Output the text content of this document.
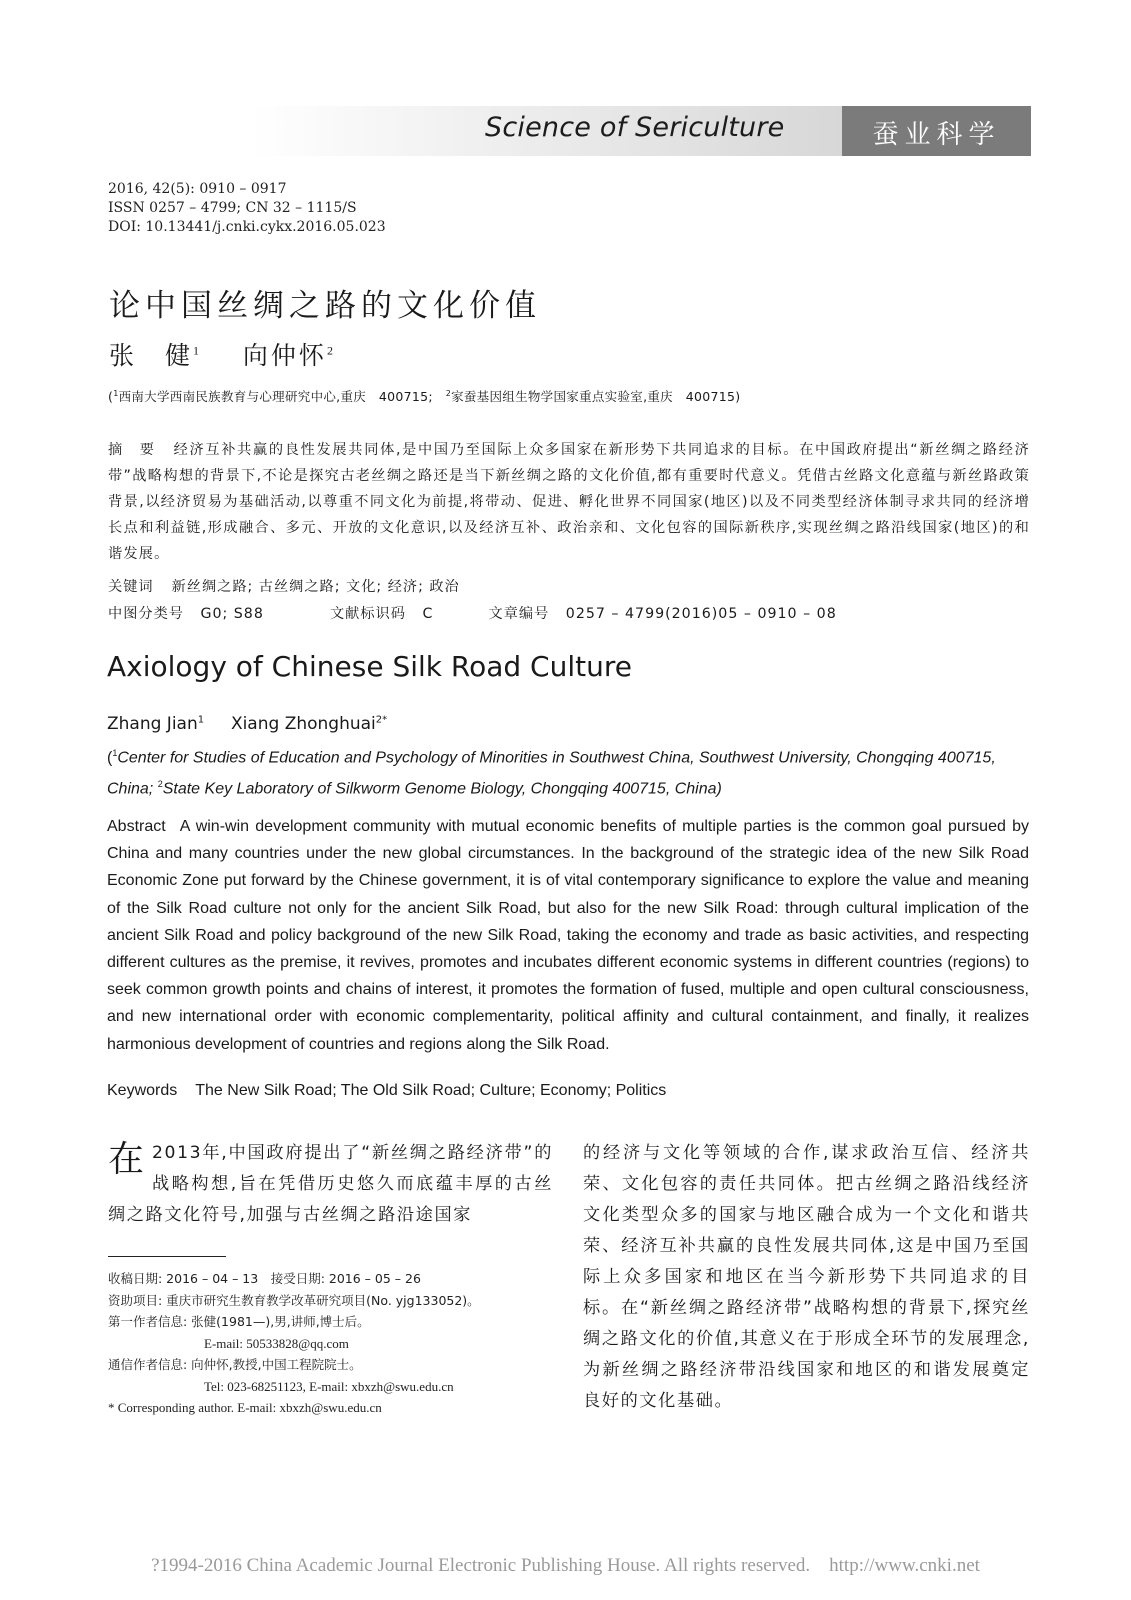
Science of Sericulture	蚕业科学
2016, 42(5): 0910 – 0917
ISSN 0257 – 4799; CN 32 – 1115/S
DOI: 10.13441/j.cnki.cykx.2016.05.023
论中国丝绸之路的文化价值
张　健$^1$ 向仲怀$^2$
($^1$西南大学西南民族教育与心理研究中心,重庆　400715;　$^2$家蚕基因组生物学国家重点实验室,重庆　400715)
摘　要 经济互补共赢的良性发展共同体,是中国乃至国际上众多国家在新形势下共同追求的目标。在中国政府提出“新丝绸之路经济带”战略构想的背景下,不论是探究古老丝绸之路还是当下新丝绸之路的文化价值,都有重要时代意义。凭借古丝路文化意蕴与新丝路政策背景,以经济贸易为基础活动,以尊重不同文化为前提,将带动、促进、孵化世界不同国家(地区)以及不同类型经济体制寻求共同的经济增长点和利益链,形成融合、多元、开放的文化意识,以及经济互补、政治亲和、文化包容的国际新秩序,实现丝绸之路沿线国家(地区)的和谐发展。
关键词 新丝绸之路; 古丝绸之路; 文化; 经济; 政治
中图分类号 G0; S88	文献标识码 C	文章编号 0257 – 4799(2016)05 – 0910 – 08
Axiology of Chinese Silk Road Culture
Zhang Jian$^1$ Xiang Zhonghuai$^{2*}$
($^1$Center for Studies of Education and Psychology of Minorities in Southwest China, Southwest University, Chongqing 400715, China; $^2$State Key Laboratory of Silkworm Genome Biology, Chongqing 400715, China)
Abstract A win-win development community with mutual economic benefits of multiple parties is the common goal pursued by China and many countries under the new global circumstances. In the background of the strategic idea of the new Silk Road Economic Zone put forward by the Chinese government, it is of vital contemporary significance to explore the value and meaning of the Silk Road culture not only for the ancient Silk Road, but also for the new Silk Road: through cultural implication of the ancient Silk Road and policy background of the new Silk Road, taking the economy and trade as basic activities, and respecting different cultures as the premise, it revives, promotes and incubates different economic systems in different countries (regions) to seek common growth points and chains of interest, it promotes the formation of fused, multiple and open cultural consciousness, and new international order with economic complementarity, political affinity and cultural containment, and finally, it realizes harmonious development of countries and regions along the Silk Road.
Keywords The New Silk Road; The Old Silk Road; Culture; Economy; Politics
在 2013年,中国政府提出了“新丝绸之路经济带”的战略构想,旨在凭借历史悠久而底蕴丰厚的古丝绸之路文化符号,加强与古丝绸之路沿途国家
的经济与文化等领域的合作,谋求政治互信、经济共荣、文化包容的责任共同体。把古丝绸之路沿线经济文化类型众多的国家与地区融合成为一个文化和谐共荣、经济互补共赢的良性发展共同体,这是中国乃至国际上众多国家和地区在当今新形势下共同追求的目标。在“新丝绸之路经济带”战略构想的背景下,探究丝绸之路文化的价值,其意义在于形成全环节的发展理念,为新丝绸之路经济带沿线国家和地区的和谐发展奠定良好的文化基础。
收稿日期: 2016 – 04 – 13　接受日期: 2016 – 05 – 26
资助项目: 重庆市研究生教育教学改革研究项目(No. yjg133052)。
第一作者信息: 张健(1981—),男,讲师,博士后。
E-mail: 50533828@qq.com
通信作者信息: 向仲怀,教授,中国工程院院士。
Tel: 023-68251123, E-mail: xbxzh@swu.edu.cn
* Corresponding author. E-mail: xbxzh@swu.edu.cn
?1994-2016 China Academic Journal Electronic Publishing House. All rights reserved.　http://www.cnki.net
